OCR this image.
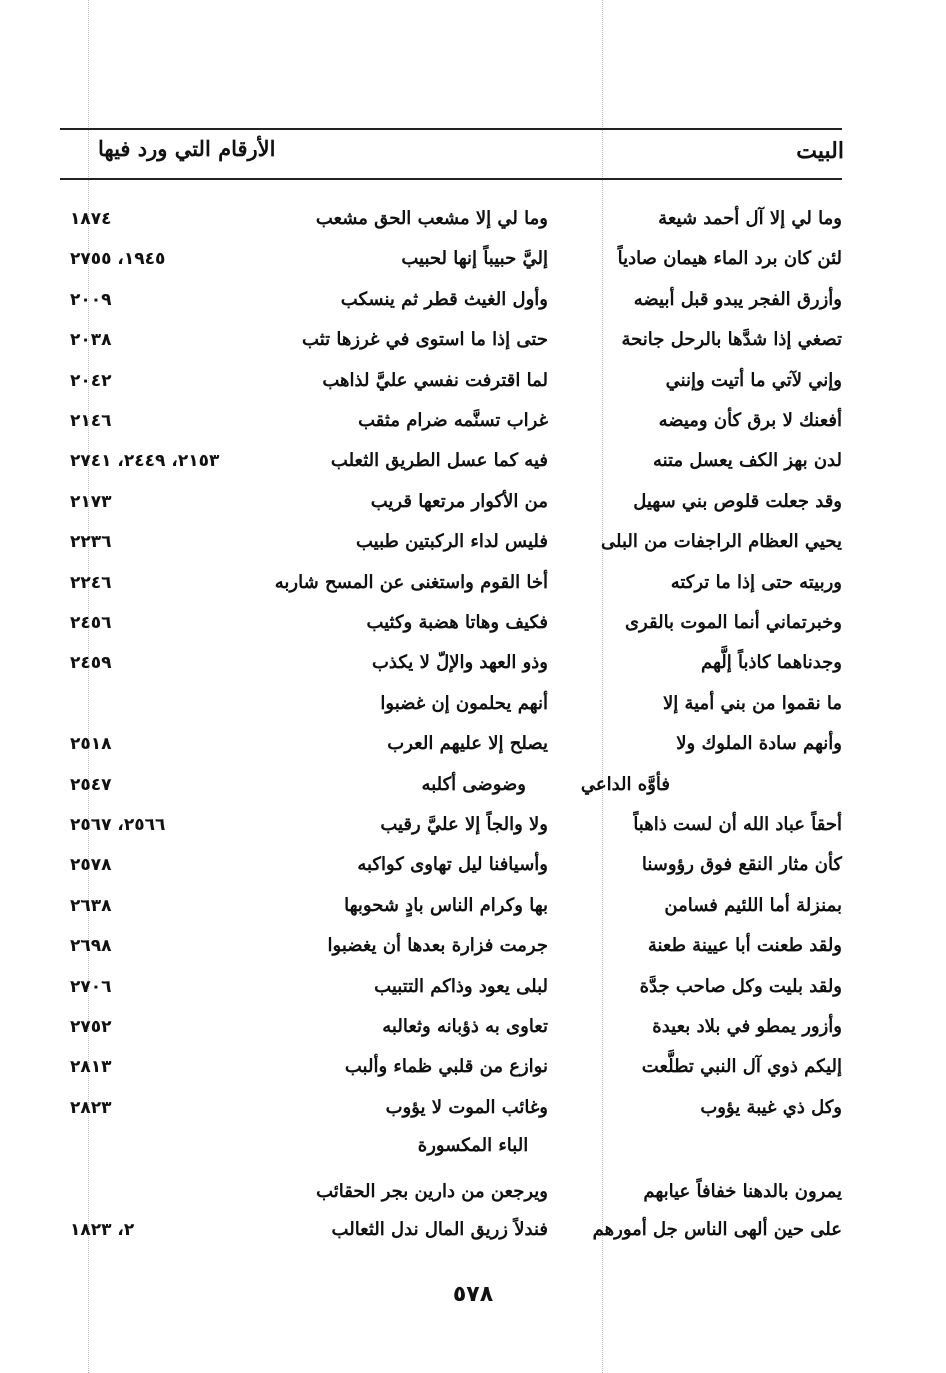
البيت
الأرقام التي ورد فيها
وما لي إلا آل أحمد شيعة
وما لي إلا مشعب الحق مشعب
١٨٧٤
لئن كان برد الماء هيمان صادياً
إليَّ حبيباً إنها لحبيب
١٩٤٥، ٢٧٥٥
وأزرق الفجر يبدو قبل أبيضه
وأول الغيث قطر ثم ينسكب
٢٠٠٩
تصغي إذا شدَّها بالرحل جانحة
حتى إذا ما استوى في غرزها تثب
٢٠٣٨
وإني لآتي ما أتيت وإنني
لما اقترفت نفسي عليَّ لذاهب
٢٠٤٢
أفعنك لا برق كأن وميضه
غراب تسنَّمه ضرام مثقب
٢١٤٦
لدن بهز الكف يعسل متنه
فيه كما عسل الطريق الثعلب
٢١٥٣، ٢٤٤٩، ٢٧٤١
وقد جعلت قلوص بني سهيل
من الأكوار مرتعها قريب
٢١٧٣
يحيي العظام الراجفات من البلى
فليس لداء الركبتين طبيب
٢٢٣٦
وربيته حتى إذا ما تركته
أخا القوم واستغنى عن المسح شاربه
٢٢٤٦
وخبرتماني أنما الموت بالقرى
فكيف وهاتا هضبة وكثيب
٢٤٥٦
وجدناهما كاذباً إلَّهم
وذو العهد والإلّ لا يكذب
٢٤٥٩
ما نقموا من بني أمية إلا
أنهم يحلمون إن غضبوا
وأنهم سادة الملوك ولا
يصلح إلا عليهم العرب
٢٥١٨
٢٥٤٧	فأوَّه الداعي
وضوضى أكلبه
أحقاً عباد الله أن لست ذاهباً
ولا والجاً إلا عليَّ رقيب
٢٥٦٦، ٢٥٦٧
كأن مثار النقع فوق رؤوسنا
وأسيافنا ليل تهاوى كواكبه
٢٥٧٨
بمنزلة أما اللئيم فسامن
بها وكرام الناس بادٍ شحوبها
٢٦٣٨
ولقد طعنت أبا عيينة طعنة
جرمت فزارة بعدها أن يغضبوا
٢٦٩٨
ولقد بليت وكل صاحب جدَّة
لبلى يعود وذاكم التتبيب
٢٧٠٦
وأزور يمطو في بلاد بعيدة
تعاوى به ذؤبانه وثعالبه
٢٧٥٢
إليكم ذوي آل النبي تطلَّعت
نوازع من قلبي ظماء وألبب
٢٨١٣
وكل ذي غيبة يؤوب
وغائب الموت لا يؤوب
٢٨٢٣
الباء المكسورة
يمرون بالدهنا خفافاً عيابهم
ويرجعن من دارين بجر الحقائب
على حين ألهى الناس جل أمورهم
فندلاً زريق المال ندل الثعالب
٢، ١٨٢٣
٥٧٨
